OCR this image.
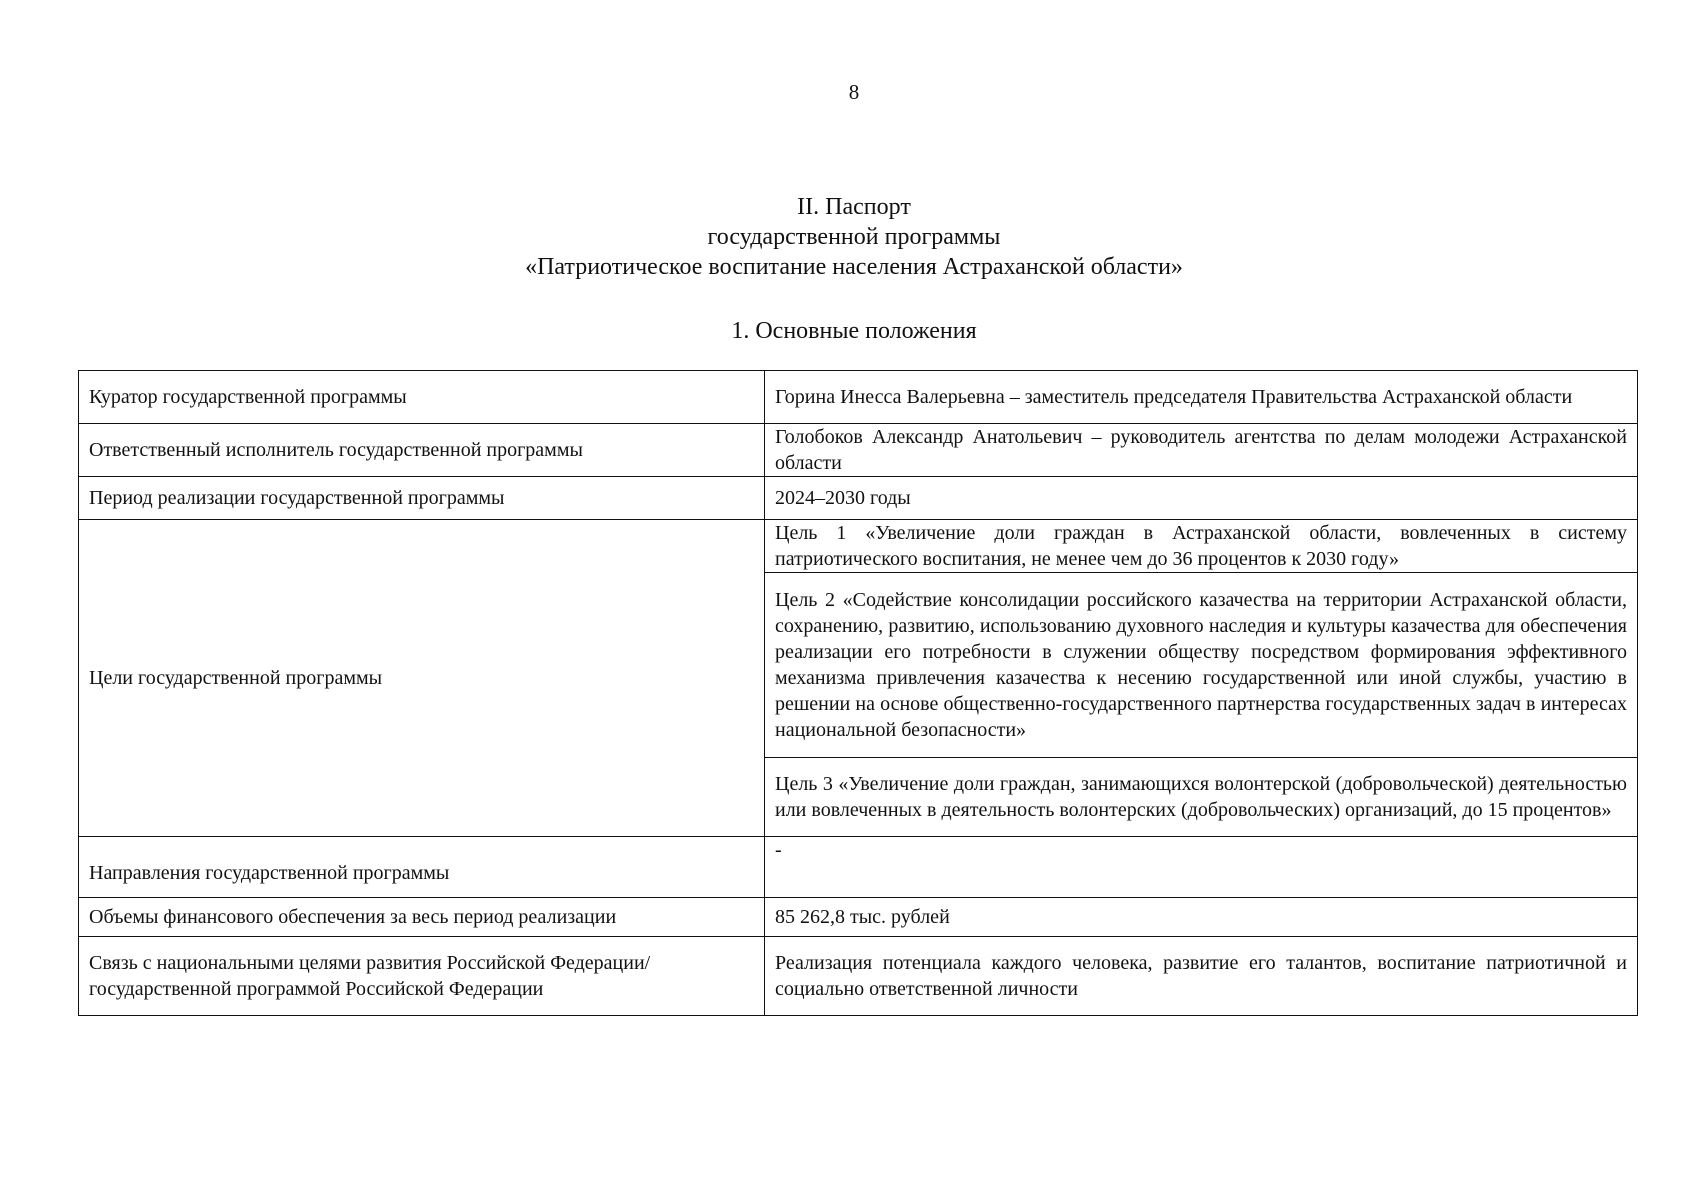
8
II. Паспорт
государственной программы
«Патриотическое воспитание населения Астраханской области»
1. Основные положения
Куратор государственной программы	Горина Инесса Валерьевна – заместитель председателя Правительства Астраханской области
Ответственный исполнитель государственной программы	Голобоков Александр Анатольевич – руководитель агентства по делам молодежи Астраханской области
Период реализации государственной программы	2024–2030 годы
Цели государственной программы	Цель 1 «Увеличение доли граждан в Астраханской области, вовлеченных в систему патриотического воспитания, не менее чем до 36 процентов к 2030 году»
	Цель 2 «Содействие консолидации российского казачества на территории Астраханской области, сохранению, развитию, использованию духовного наследия и культуры казачества для обеспечения реализации его потребности в служении обществу посредством формирования эффективного механизма привлечения казачества к несению государственной или иной службы, участию в решении на основе общественно-государственного партнерства государственных задач в интересах национальной безопасности»
	Цель 3 «Увеличение доли граждан, занимающихся волонтерской (добровольческой) деятельностью или вовлеченных в деятельность волонтерских (добровольческих) организаций, до 15 процентов»
Направления государственной программы	-
Объемы финансового обеспечения за весь период реализации	85 262,8 тыс. рублей
Связь с национальными целями развития Российской Федерации/ государственной программой Российской Федерации	Реализация потенциала каждого человека, развитие его талантов, воспитание патриотичной и социально ответственной личности
